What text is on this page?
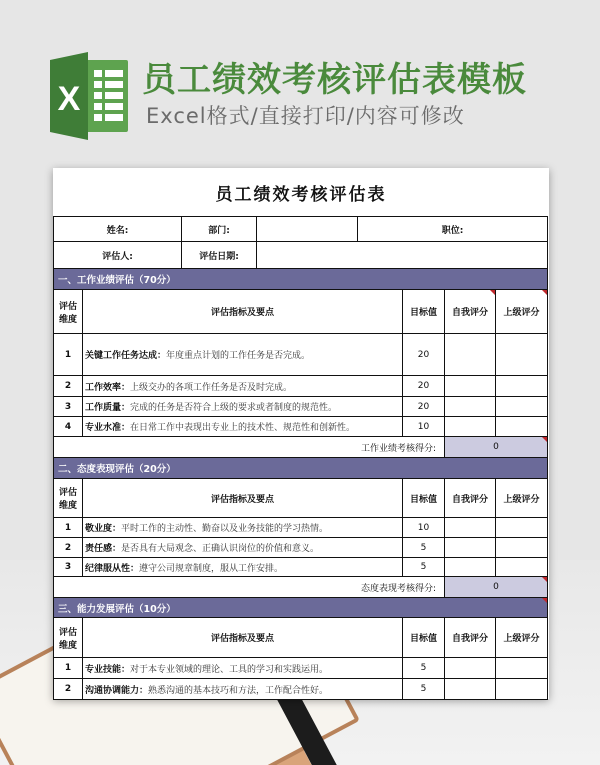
X 员工绩效考核评估表模板
Excel格式/直接打印/内容可修改
员工绩效考核评估表
姓名:		部门:		职位:			
评估人:		评估日期:					
一、工作业绩评估（70分）							
评估
维度	评估指标及要点				目标值	自我评分	上级评分
1	关键工作任务达成：年度重点计划的工作任务是否完成。				20		
2	工作效率：上级交办的各项工作任务是否及时完成。				20		
3	工作质量：完成的任务是否符合上级的要求或者制度的规范性。				20		
4	专业水准：在日常工作中表现出专业上的技术性、规范性和创新性。				10		
工作业绩考核得分:						0	
二、态度表现评估（20分）							
评估
维度	评估指标及要点				目标值	自我评分	上级评分
1	敬业度：平时工作的主动性、勤奋以及业务技能的学习热情。				10		
2	责任感：是否具有大局观念、正确认识岗位的价值和意义。				5		
3	纪律服从性：遵守公司规章制度，服从工作安排。				5		
态度表现考核得分:						0	
三、能力发展评估（10分）							
评估
维度	评估指标及要点				目标值	自我评分	上级评分
1	专业技能：对于本专业领域的理论、工具的学习和实践运用。				5		
2	沟通协调能力：熟悉沟通的基本技巧和方法，工作配合性好。				5		
